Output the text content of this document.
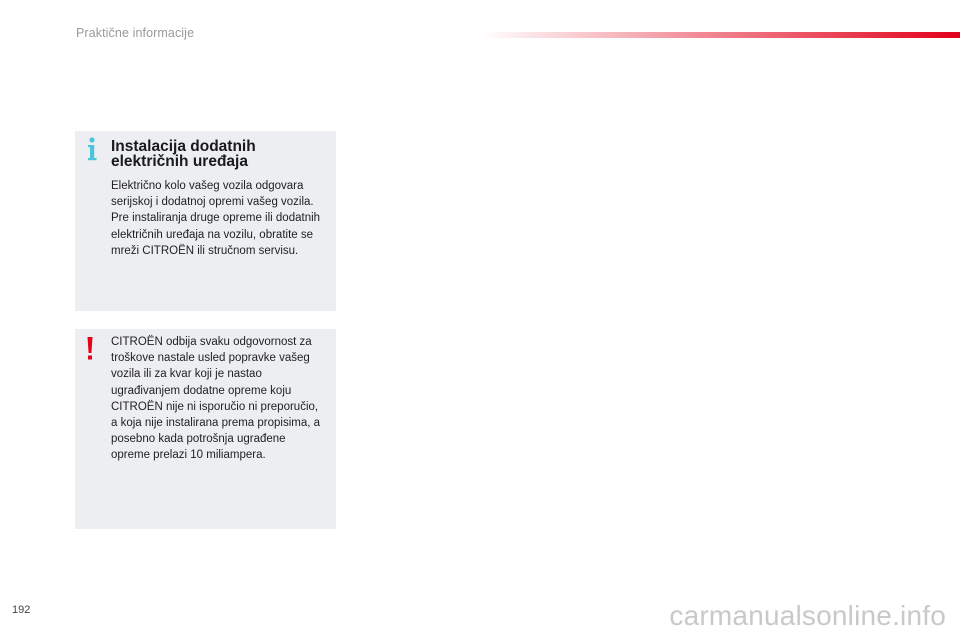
Praktične informacije
Instalacija dodatnih električnih uređaja

Električno kolo vašeg vozila odgovara serijskoj i dodatnoj opremi vašeg vozila. Pre instaliranja druge opreme ili dodatnih električnih uređaja na vozilu, obratite se mreži CITROËN ili stručnom servisu.

CITROËN odbija svaku odgovornost za troškove nastale usled popravke vašeg vozila ili za kvar koji je nastao ugrađivanjem dodatne opreme koju CITROËN nije ni isporučio ni preporučio, a koja nije instalirana prema propisima, a posebno kada potrošnja ugrađene opreme prelazi 10 miliampera.

192	carmanualsonline.info
